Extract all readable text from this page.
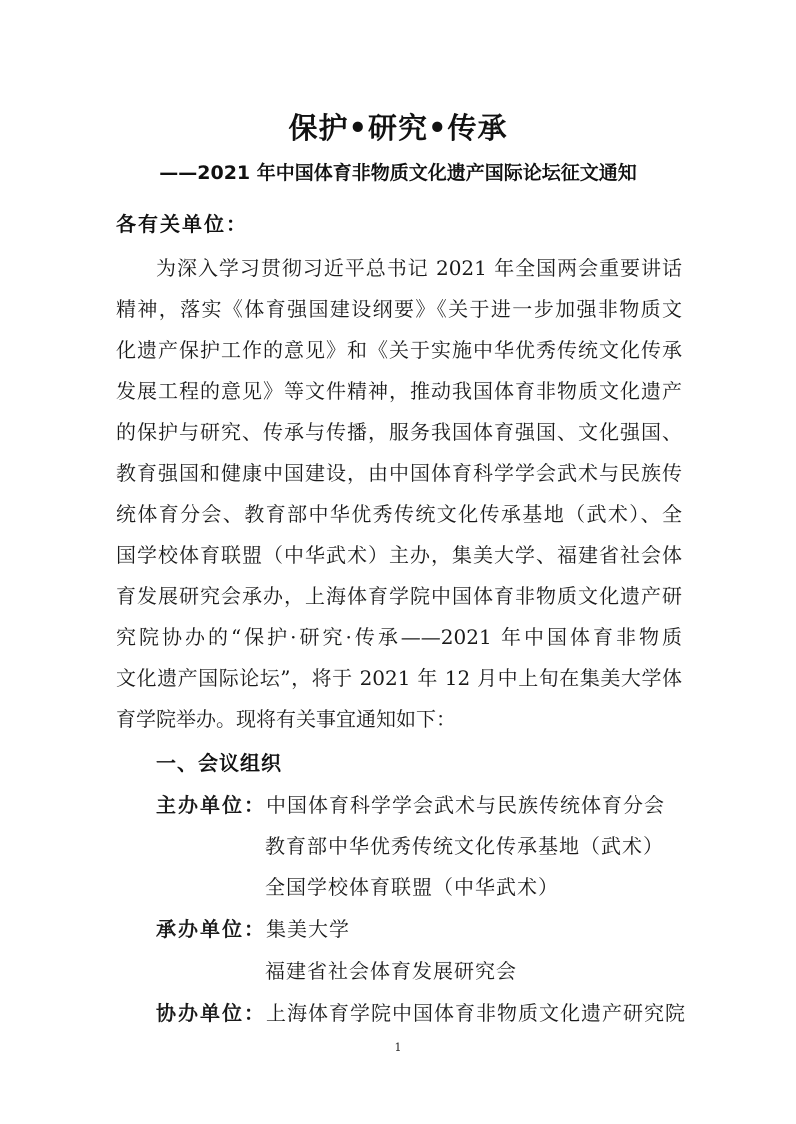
保护•研究•传承
——2021 年中国体育非物质文化遗产国际论坛征文通知
各有关单位：
为深入学习贯彻习近平总书记 2021 年全国两会重要讲话
精神，落实《体育强国建设纲要》《关于进一步加强非物质文
化遗产保护工作的意见》和《关于实施中华优秀传统文化传承
发展工程的意见》等文件精神，推动我国体育非物质文化遗产
的保护与研究、传承与传播，服务我国体育强国、文化强国、
教育强国和健康中国建设，由中国体育科学学会武术与民族传
统体育分会、教育部中华优秀传统文化传承基地（武术）、全
国学校体育联盟（中华武术）主办，集美大学、福建省社会体
育发展研究会承办，上海体育学院中国体育非物质文化遗产研
究院协办的“保护·研究·传承——2021 年中国体育非物质
文化遗产国际论坛”，将于 2021 年 12 月中上旬在集美大学体
育学院举办。现将有关事宜通知如下：
一、会议组织
主办单位：中国体育科学学会武术与民族传统体育分会
教育部中华优秀传统文化传承基地（武术）
全国学校体育联盟（中华武术）
承办单位：集美大学
福建省社会体育发展研究会
协办单位：上海体育学院中国体育非物质文化遗产研究院
1
